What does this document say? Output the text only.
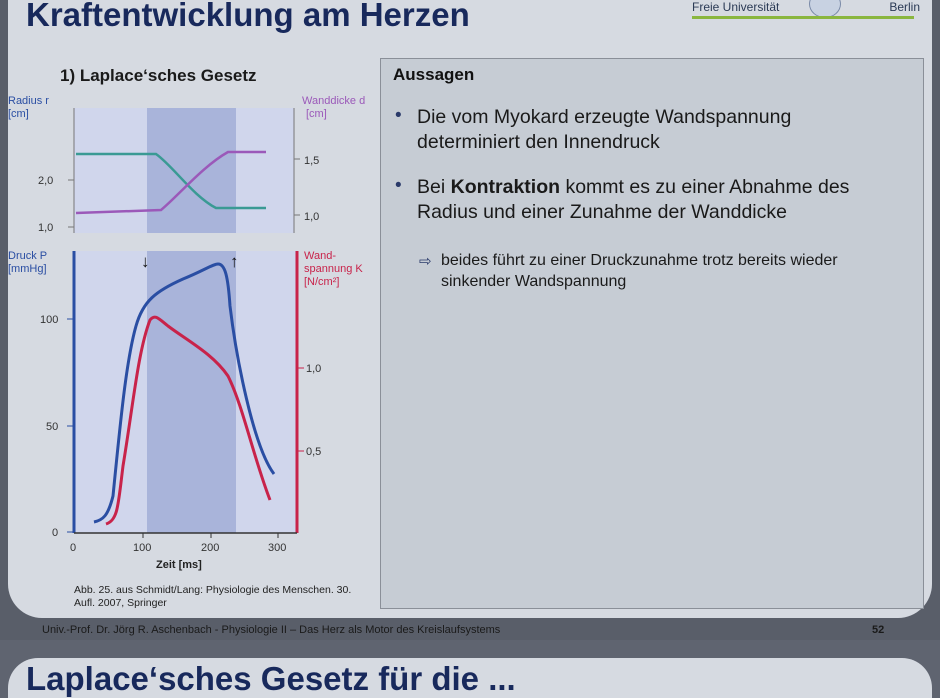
Kraftentwicklung am Herzen	Freie Universität	Berlin
1) Laplace‘sches Gesetz
Radius r
[cm]
Wanddicke d
[cm]
2,0
1,0
1,5
1,0
Druck P
[mmHg]
Wand-
spannung K
[N/cm²]
100
50
0
1,0
0,5
0	100	200	300
Zeit [ms]
↓	↑
Abb. 25. aus Schmidt/Lang: Physiologie des Menschen. 30. Aufl. 2007, Springer
Aussagen
• Die vom Myokard erzeugte Wandspannung determiniert den Innendruck
• Bei Kontraktion kommt es zu einer Abnahme des Radius und einer Zunahme der Wanddicke
⇨ beides führt zu einer Druckzunahme trotz bereits wieder sinkender Wandspannung
Univ.-Prof. Dr. Jörg R. Aschenbach - Physiologie II – Das Herz als Motor des Kreislaufsystems	52
Laplace‘sches Gesetz für die ...
